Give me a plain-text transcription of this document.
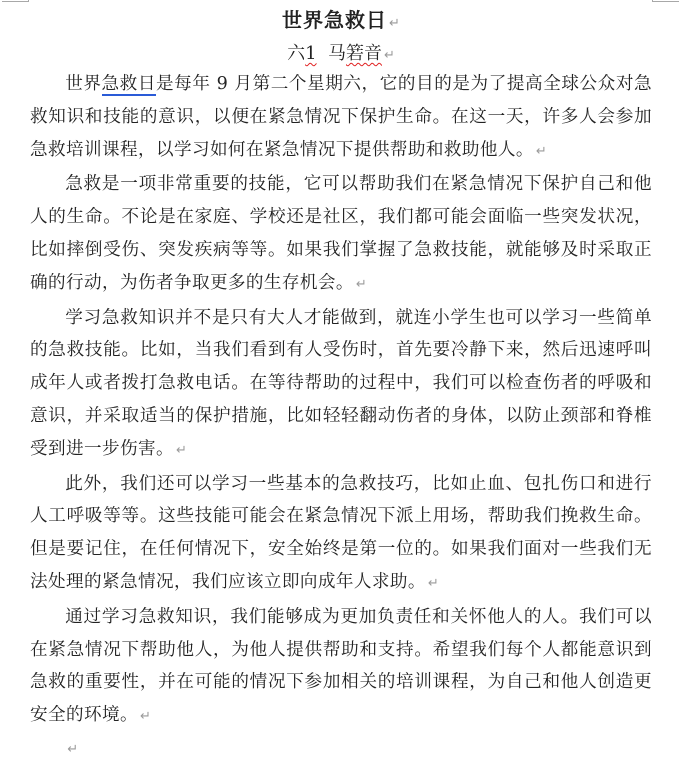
世界急救日 ↵
六1 马箬音 ↵

世界急救日是每年 9 月第二个星期六，它的目的是为了提高全球公众对急救知识和技能的意识，以便在紧急情况下保护生命。在这一天，许多人会参加急救培训课程，以学习如何在紧急情况下提供帮助和救助他人。 ↵

急救是一项非常重要的技能，它可以帮助我们在紧急情况下保护自己和他人的生命。不论是在家庭、学校还是社区，我们都可能会面临一些突发状况，比如摔倒受伤、突发疾病等等。如果我们掌握了急救技能，就能够及时采取正确的行动，为伤者争取更多的生存机会。 ↵

学习急救知识并不是只有大人才能做到，就连小学生也可以学习一些简单的急救技能。比如，当我们看到有人受伤时，首先要冷静下来，然后迅速呼叫成年人或者拨打急救电话。在等待帮助的过程中，我们可以检查伤者的呼吸和意识，并采取适当的保护措施，比如轻轻翻动伤者的身体，以防止颈部和脊椎受到进一步伤害。 ↵

此外，我们还可以学习一些基本的急救技巧，比如止血、包扎伤口和进行人工呼吸等等。这些技能可能会在紧急情况下派上用场，帮助我们挽救生命。但是要记住，在任何情况下，安全始终是第一位的。如果我们面对一些我们无法处理的紧急情况，我们应该立即向成年人求助。 ↵

通过学习急救知识，我们能够成为更加负责任和关怀他人的人。我们可以在紧急情况下帮助他人，为他人提供帮助和支持。希望我们每个人都能意识到急救的重要性，并在可能的情况下参加相关的培训课程，为自己和他人创造更安全的环境。 ↵

↵
